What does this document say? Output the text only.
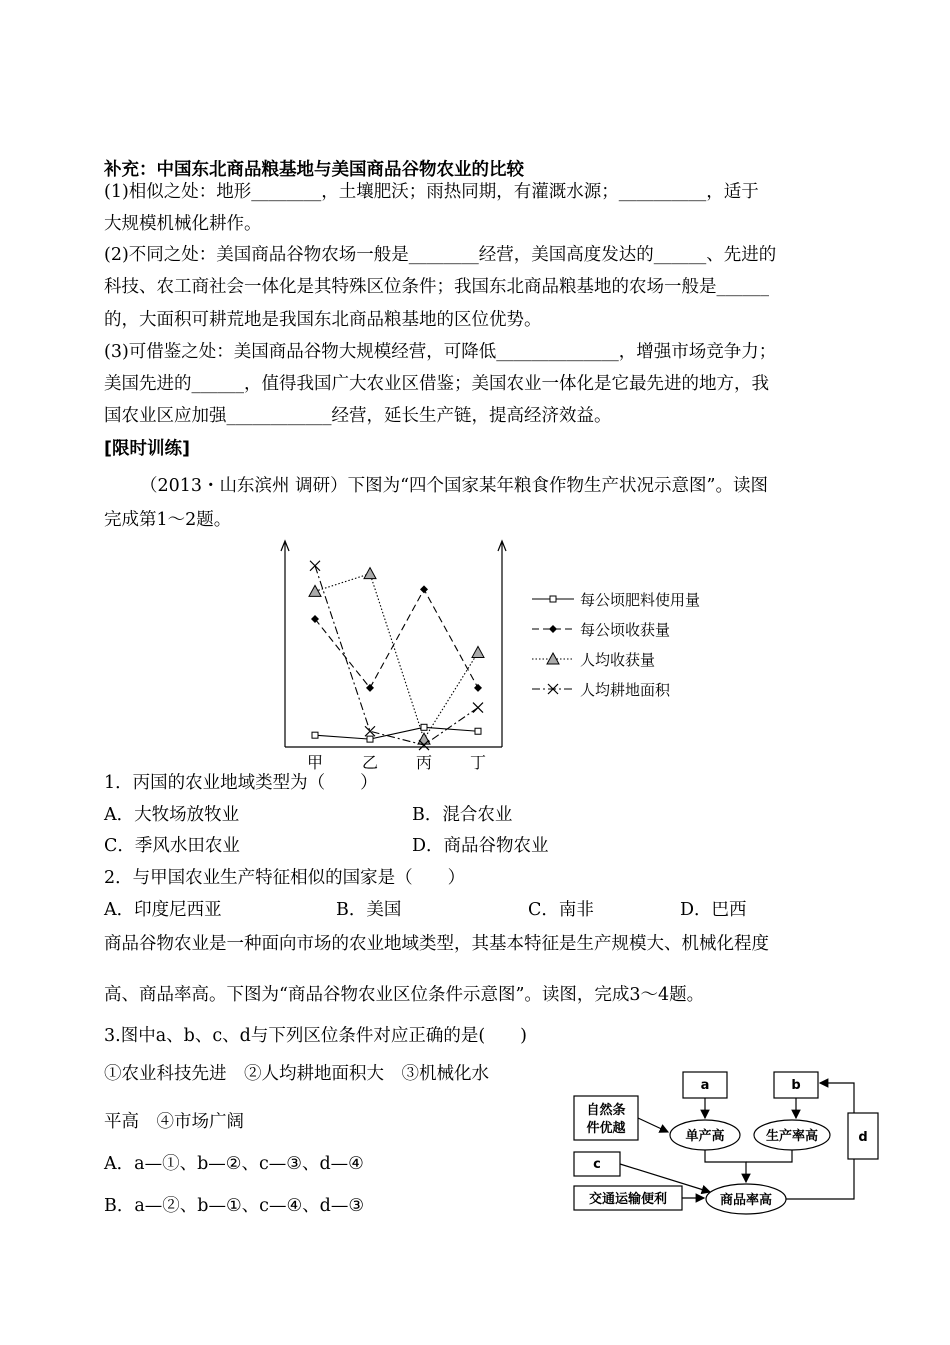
补充：中国东北商品粮基地与美国商品谷物农业的比较
(1)相似之处：地形________，土壤肥沃；雨热同期，有灌溉水源；__________，适于
大规模机械化耕作。
(2)不同之处：美国商品谷物农场一般是________经营，美国高度发达的______、先进的
科技、农工商社会一体化是其特殊区位条件；我国东北商品粮基地的农场一般是______
的，大面积可耕荒地是我国东北商品粮基地的区位优势。
(3)可借鉴之处：美国商品谷物大规模经营，可降低______________，增强市场竞争力；
美国先进的______，值得我国广大农业区借鉴；美国农业一体化是它最先进的地方，我
国农业区应加强____________经营，延长生产链，提高经济效益。
[限时训练]
（2013・山东滨州 调研）下图为“四个国家某年粮食作物生产状况示意图”。读图
完成第1～2题。
甲 乙 丙 丁
每公顷肥料使用量
每公顷收获量
人均收获量
人均耕地面积
1．丙国的农业地域类型为（　　）
A．大牧场放牧业	B．混合农业
C．季风水田农业	D．商品谷物农业
2．与甲国农业生产特征相似的国家是（　　）
A．印度尼西亚	B．美国	C．南非	D．巴西
商品谷物农业是一种面向市场的农业地域类型，其基本特征是生产规模大、机械化程度
高、商品率高。下图为“商品谷物农业区位条件示意图”。读图，完成3～4题。
3.图中a、b、c、d与下列区位条件对应正确的是(　　)
①农业科技先进　②人均耕地面积大　③机械化水
平高　④市场广阔
A．a—①、b—②、c—③、d—④
B．a—②、b—①、c—④、d—③
a	b
c
d
自然条
件优越
单产高	生产率高
交通运输便利	商品率高
